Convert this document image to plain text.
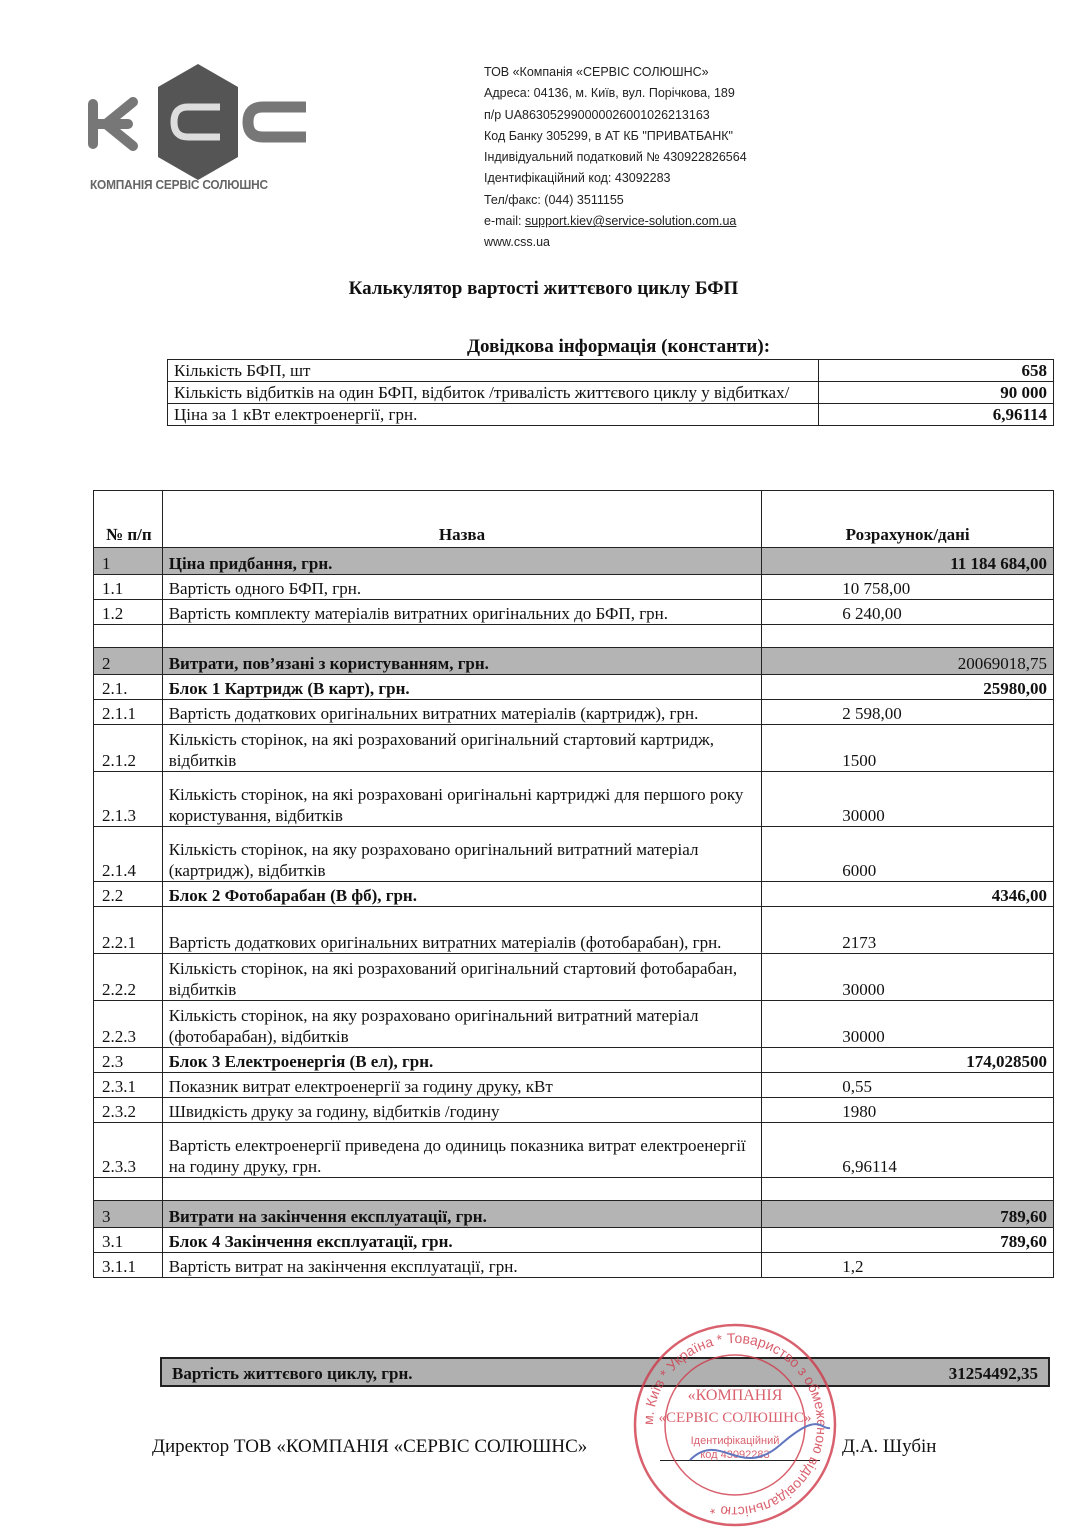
КОМПАНІЯ СЕРВІС СОЛЮШНС
ТОВ «Компанія «СЕРВІС СОЛЮШНС»
Адреса: 04136, м. Київ, вул. Порічкова, 189
п/р UA863052990000026001026213163
Код Банку 305299, в АТ КБ "ПРИВАТБАНК"
Індивідуальний податковий № 430922826564
Ідентифікаційний код: 43092283
Тел/факс: (044) 3511155
e-mail: support.kiev@service-solution.com.ua
www.css.ua
Калькулятор вартості життєвого циклу БФП
Довідкова інформація (константи):
Кількість БФП, шт	658
Кількість відбитків на один БФП, відбиток /тривалість життєвого циклу у відбитках/	90 000
Ціна за 1 кВт електроенергії, грн.	6,96114
№ п/п	Назва	Розрахунок/дані
1	Ціна придбання, грн.	11 184 684,00
1.1	Вартість одного БФП, грн.	10 758,00
1.2	Вартість комплекту матеріалів витратних оригінальних до БФП, грн.	6 240,00

2	Витрати, пов’язані з користуванням, грн.	20069018,75
2.1.	Блок 1 Картридж (В карт), грн.	25980,00
2.1.1	Вартість додаткових оригінальних витратних матеріалів (картридж), грн.	2 598,00
2.1.2	Кількість сторінок, на які розрахований оригінальний стартовий картридж, відбитків	1500
2.1.3	Кількість сторінок, на які розраховані оригінальні картриджі для першого року користування, відбитків	30000
2.1.4	Кількість сторінок, на яку розраховано оригінальний витратний матеріал (картридж), відбитків	6000
2.2	Блок 2 Фотобарабан (В фб), грн.	4346,00
2.2.1	Вартість додаткових оригінальних витратних матеріалів (фотобарабан), грн.	2173
2.2.2	Кількість сторінок, на які розрахований оригінальний стартовий фотобарабан, відбитків	30000
2.2.3	Кількість сторінок, на яку розраховано оригінальний витратний матеріал (фотобарабан), відбитків	30000
2.3	Блок 3 Електроенергія (В ел), грн.	174,028500
2.3.1	Показник витрат електроенергії за годину друку, кВт	0,55
2.3.2	Швидкість друку за годину, відбитків /годину	1980
2.3.3	Вартість електроенергії приведена до одиниць показника витрат електроенергії на годину друку, грн.	6,96114

3	Витрати на закінчення експлуатації, грн.	789,60
3.1	Блок 4 Закінчення експлуатації, грн.	789,60
3.1.1	Вартість витрат на закінчення експлуатації, грн.	1,2
Вартість життєвого циклу, грн.	31254492,35
Директор ТОВ «КОМПАНІЯ «СЕРВІС СОЛЮШНС»	Д.А. Шубін
м. Київ * Україна * Товариство з обмеженою відповідальністю *
«КОМПАНІЯ
«СЕРВІС СОЛЮШНС»
Ідентифікаційний
код 43092283
